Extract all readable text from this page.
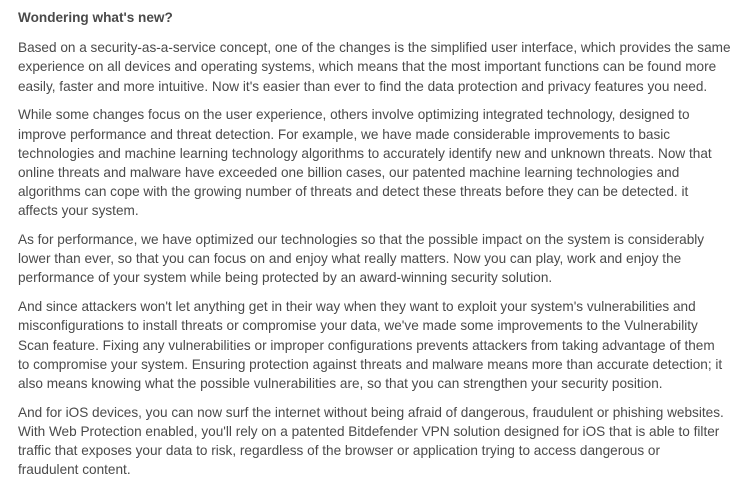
Wondering what's new?
Based on a security-as-a-service concept, one of the changes is the simplified user interface, which provides the same
experience on all devices and operating systems, which means that the most important functions can be found more
easily, faster and more intuitive. Now it's easier than ever to find the data protection and privacy features you need.
While some changes focus on the user experience, others involve optimizing integrated technology, designed to
improve performance and threat detection. For example, we have made considerable improvements to basic
technologies and machine learning technology algorithms to accurately identify new and unknown threats. Now that
online threats and malware have exceeded one billion cases, our patented machine learning technologies and
algorithms can cope with the growing number of threats and detect these threats before they can be detected. it
affects your system.
As for performance, we have optimized our technologies so that the possible impact on the system is considerably
lower than ever, so that you can focus on and enjoy what really matters. Now you can play, work and enjoy the
performance of your system while being protected by an award-winning security solution.
And since attackers won't let anything get in their way when they want to exploit your system's vulnerabilities and
misconfigurations to install threats or compromise your data, we've made some improvements to the Vulnerability
Scan feature. Fixing any vulnerabilities or improper configurations prevents attackers from taking advantage of them
to compromise your system. Ensuring protection against threats and malware means more than accurate detection; it
also means knowing what the possible vulnerabilities are, so that you can strengthen your security position.
And for iOS devices, you can now surf the internet without being afraid of dangerous, fraudulent or phishing websites.
With Web Protection enabled, you'll rely on a patented Bitdefender VPN solution designed for iOS that is able to filter
traffic that exposes your data to risk, regardless of the browser or application trying to access dangerous or
fraudulent content.
